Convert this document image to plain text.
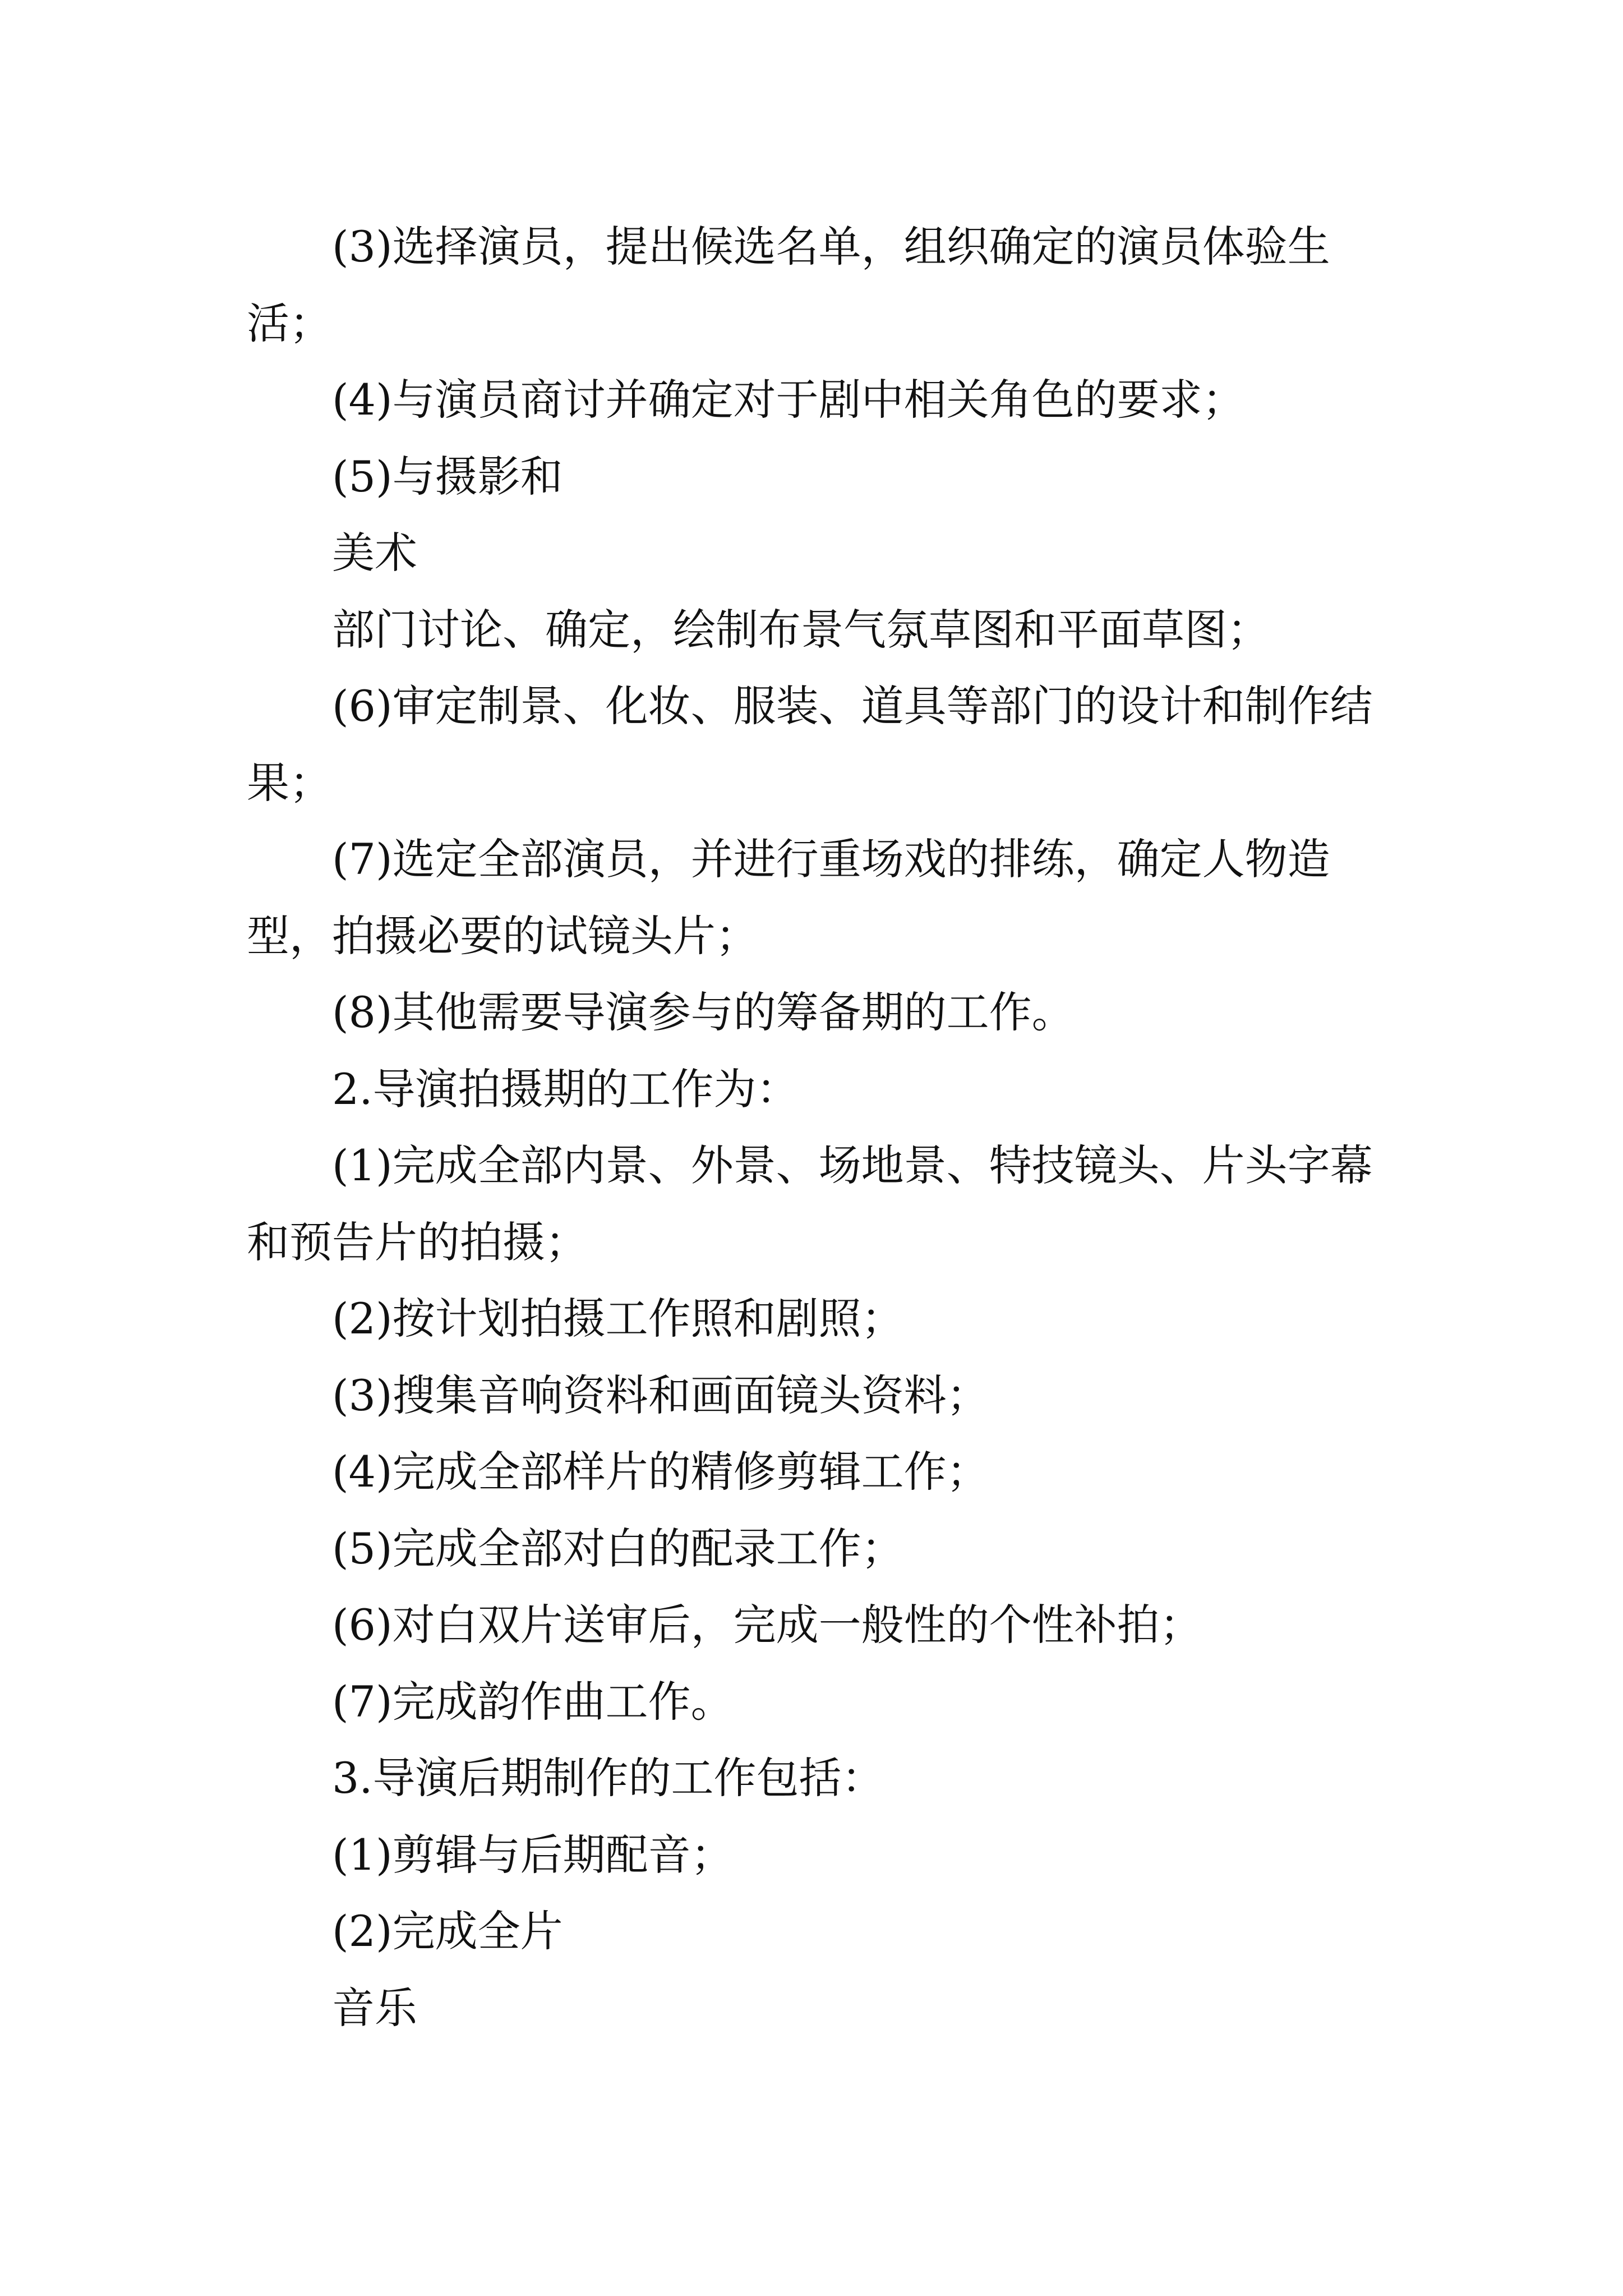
(3)选择演员，提出候选名单，组织确定的演员体验生活；

(4)与演员商讨并确定对于剧中相关角色的要求；

(5)与摄影和

美术

部门讨论、确定，绘制布景气氛草图和平面草图；

(6)审定制景、化妆、服装、道具等部门的设计和制作结果；

(7)选定全部演员，并进行重场戏的排练，确定人物造型，拍摄必要的试镜头片；

(8)其他需要导演参与的筹备期的工作。

2.导演拍摄期的工作为：

(1)完成全部内景、外景、场地景、特技镜头、片头字幕和预告片的拍摄；

(2)按计划拍摄工作照和剧照；

(3)搜集音响资料和画面镜头资料；

(4)完成全部样片的精修剪辑工作；

(5)完成全部对白的配录工作；

(6)对白双片送审后，完成一般性的个性补拍；

(7)完成韵作曲工作。

3.导演后期制作的工作包括：

(1)剪辑与后期配音；

(2)完成全片

音乐
